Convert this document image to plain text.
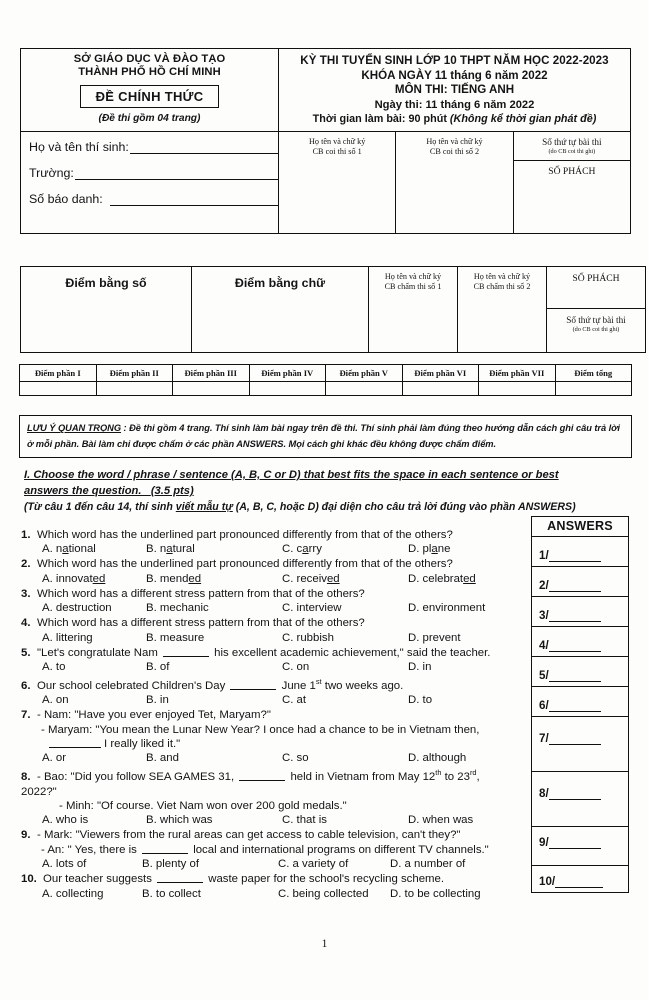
SỞ GIÁO DỤC VÀ ĐÀO TẠO
THÀNH PHỐ HỒ CHÍ MINH
ĐỀ CHÍNH THỨC
(Đề thi gồm 04 trang)

KỲ THI TUYỂN SINH LỚP 10 THPT NĂM HỌC 2022-2023
KHÓA NGÀY 11 tháng 6 năm 2022
MÔN THI: TIẾNG ANH
Ngày thi: 11 tháng 6 năm 2022
Thời gian làm bài: 90 phút (Không kể thời gian phát đề)

Họ và tên thí sinh:
Trường:
Số báo danh:

Họ tên và chữ ký
CB coi thi số 1

Họ tên và chữ ký
CB coi thi số 2

Số thứ tự bài thi
(do CB coi thi ghi)
SỐ PHÁCH
Điểm bằng số	Điểm bằng chữ	Họ tên và chữ ký
CB chấm thi số 1

Họ tên và chữ ký
CB chấm thi số 2

SỐ PHÁCH
Số thứ tự bài thi
(do CB coi thi ghi)
Điểm phần I	Điểm phần II	Điểm phần III	Điểm phần IV	Điểm phần V	Điểm phần VI	Điểm phần VII	Điểm tổng

LƯU Ý QUAN TRỌNG : Đề thi gồm 4 trang. Thí sinh làm bài ngay trên đề thi. Thí sinh phải làm đúng theo hướng dẫn cách ghi câu trả lời ở mỗi phần. Bài làm chỉ được chấm ở các phần ANSWERS. Mọi cách ghi khác đều không được chấm điểm.

I. Choose the word / phrase / sentence (A, B, C or D) that best fits the space in each sentence or best
answers the question. (3.5 pts)
(Từ câu 1 đến câu 14, thí sinh viết mẫu tự (A, B, C, hoặc D) đại diện cho câu trả lời đúng vào phần ANSWERS)
1. Which word has the underlined part pronounced differently from that of the others?
A. national	B. natural	C. carry	D. plane
2. Which word has the underlined part pronounced differently from that of the others?
A. innovated	B. mended	C. received	D. celebrated
3. Which word has a different stress pattern from that of the others?
A. destruction	B. mechanic	C. interview	D. environment
4. Which word has a different stress pattern from that of the others?
A. littering	B. measure	C. rubbish	D. prevent
5. "Let's congratulate Nam	his excellent academic achievement," said the teacher.
A. to	B. of	C. on	D. in
6. Our school celebrated Children's Day	June 1st two weeks ago.
A. on	B. in	C. at	D. to
7. - Nam: "Have you ever enjoyed Tet, Maryam?"
- Maryam: "You mean the Lunar New Year? I once had a chance to be in Vietnam then,
I really liked it."
A. or	B. and	C. so	D. although
8. - Bao: "Did you follow SEA GAMES 31,	held in Vietnam from May 12th to 23rd,
2022?"
- Minh: "Of course. Viet Nam won over 200 gold medals."
A. who is	B. which was	C. that is	D. when was
9. - Mark: "Viewers from the rural areas can get access to cable television, can't they?"
- An: " Yes, there is	local and international programs on different TV channels."
A. lots of	B. plenty of	C. a variety of	D. a number of
10. Our teacher suggests	waste paper for the school's recycling scheme.
A. collecting	B. to collect	C. being collected	D. to be collecting
ANSWERS

1/

2/

3/

4/

5/

6/

7/

8/

9/

10/
1
